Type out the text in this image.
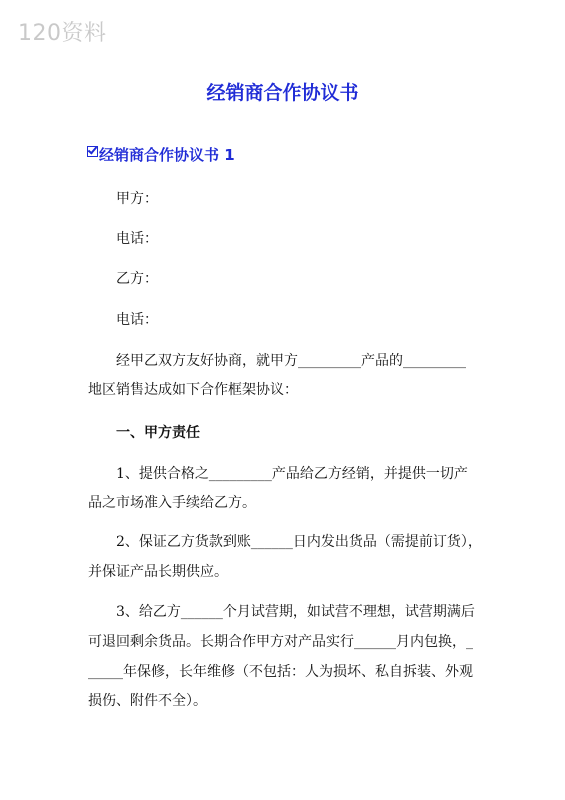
120资料
经销商合作协议书
经销商合作协议书 1
甲方：
电话：
乙方：
电话：
经甲乙双方友好协商，就甲方_________产品的_________
地区销售达成如下合作框架协议：
一、甲方责任
1、提供合格之_________产品给乙方经销，并提供一切产
品之市场准入手续给乙方。
2、保证乙方货款到账______日内发出货品（需提前订货），
并保证产品长期供应。
3、给乙方______个月试营期，如试营不理想，试营期满后
可退回剩余货品。长期合作甲方对产品实行______月内包换，_
_____年保修，长年维修（不包括：人为损坏、私自拆装、外观
损伤、附件不全）。
